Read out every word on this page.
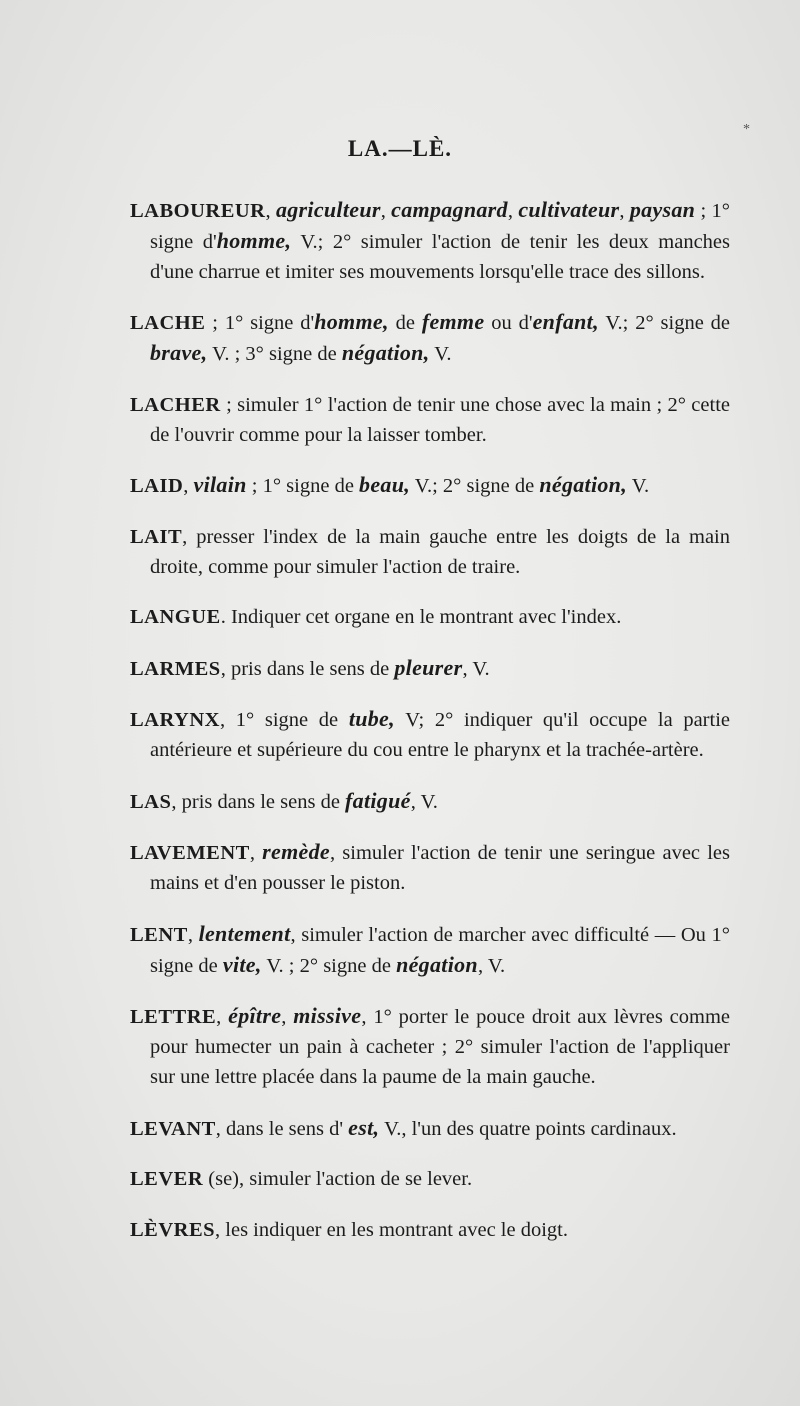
*
LA.—LÈ.

LABOUREUR, agriculteur, campagnard, cultivateur, paysan ; 1° signe d'homme, V.; 2° simuler l'action de tenir les deux manches d'une charrue et imiter ses mouvements lorsqu'elle trace des sillons.

LACHE ; 1° signe d'homme, de femme ou d'enfant, V.; 2° signe de brave, V. ; 3° signe de négation, V.

LACHER ; simuler 1° l'action de tenir une chose avec la main ; 2° cette de l'ouvrir comme pour la laisser tomber.

LAID, vilain ; 1° signe de beau, V.; 2° signe de négation, V.

LAIT, presser l'index de la main gauche entre les doigts de la main droite, comme pour simuler l'action de traire.

LANGUE. Indiquer cet organe en le montrant avec l'index.

LARMES, pris dans le sens de pleurer, V.

LARYNX, 1° signe de tube, V; 2° indiquer qu'il occupe la partie antérieure et supérieure du cou entre le pharynx et la trachée-artère.

LAS, pris dans le sens de fatigué, V.

LAVEMENT, remède, simuler l'action de tenir une seringue avec les mains et d'en pousser le piston.

LENT, lentement, simuler l'action de marcher avec difficulté — Ou 1° signe de vite, V. ; 2° signe de négation, V.

LETTRE, épître, missive, 1° porter le pouce droit aux lèvres comme pour humecter un pain à cacheter ; 2° simuler l'action de l'appliquer sur une lettre placée dans la paume de la main gauche.

LEVANT, dans le sens d' est, V., l'un des quatre points cardinaux.

LEVER (se), simuler l'action de se lever.

LÈVRES, les indiquer en les montrant avec le doigt.
